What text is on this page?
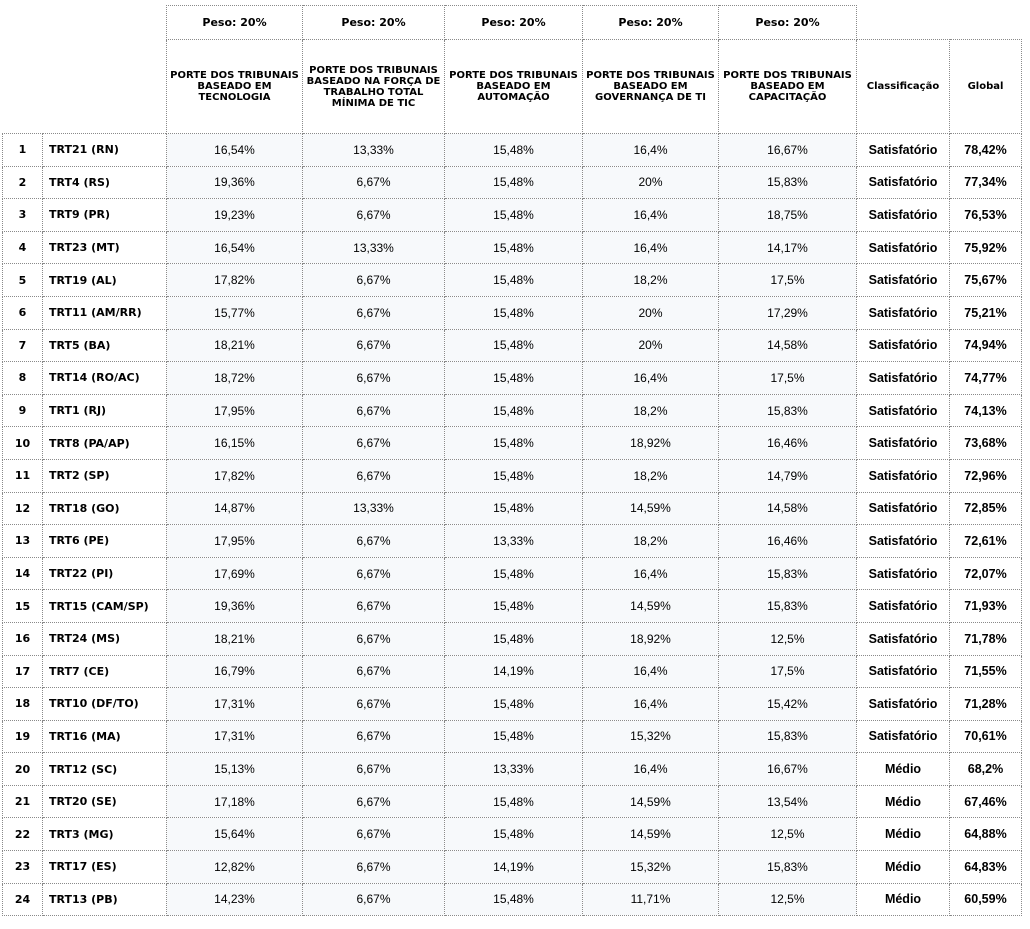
		Peso: 20%	Peso: 20%	Peso: 20%	Peso: 20%	Peso: 20%		
		PORTE DOS TRIBUNAIS BASEADO EM TECNOLOGIA	PORTE DOS TRIBUNAIS BASEADO NA FORÇA DE TRABALHO TOTAL MÍNIMA DE TIC	PORTE DOS TRIBUNAIS BASEADO EM AUTOMAÇÃO	PORTE DOS TRIBUNAIS BASEADO EM GOVERNANÇA DE TI	PORTE DOS TRIBUNAIS BASEADO EM CAPACITAÇÃO	Classificação	Global
1	TRT21 (RN)	16,54%	13,33%	15,48%	16,4%	16,67%	Satisfatório	78,42%
2	TRT4 (RS)	19,36%	6,67%	15,48%	20%	15,83%	Satisfatório	77,34%
3	TRT9 (PR)	19,23%	6,67%	15,48%	16,4%	18,75%	Satisfatório	76,53%
4	TRT23 (MT)	16,54%	13,33%	15,48%	16,4%	14,17%	Satisfatório	75,92%
5	TRT19 (AL)	17,82%	6,67%	15,48%	18,2%	17,5%	Satisfatório	75,67%
6	TRT11 (AM/RR)	15,77%	6,67%	15,48%	20%	17,29%	Satisfatório	75,21%
7	TRT5 (BA)	18,21%	6,67%	15,48%	20%	14,58%	Satisfatório	74,94%
8	TRT14 (RO/AC)	18,72%	6,67%	15,48%	16,4%	17,5%	Satisfatório	74,77%
9	TRT1 (RJ)	17,95%	6,67%	15,48%	18,2%	15,83%	Satisfatório	74,13%
10	TRT8 (PA/AP)	16,15%	6,67%	15,48%	18,92%	16,46%	Satisfatório	73,68%
11	TRT2 (SP)	17,82%	6,67%	15,48%	18,2%	14,79%	Satisfatório	72,96%
12	TRT18 (GO)	14,87%	13,33%	15,48%	14,59%	14,58%	Satisfatório	72,85%
13	TRT6 (PE)	17,95%	6,67%	13,33%	18,2%	16,46%	Satisfatório	72,61%
14	TRT22 (PI)	17,69%	6,67%	15,48%	16,4%	15,83%	Satisfatório	72,07%
15	TRT15 (CAM/SP)	19,36%	6,67%	15,48%	14,59%	15,83%	Satisfatório	71,93%
16	TRT24 (MS)	18,21%	6,67%	15,48%	18,92%	12,5%	Satisfatório	71,78%
17	TRT7 (CE)	16,79%	6,67%	14,19%	16,4%	17,5%	Satisfatório	71,55%
18	TRT10 (DF/TO)	17,31%	6,67%	15,48%	16,4%	15,42%	Satisfatório	71,28%
19	TRT16 (MA)	17,31%	6,67%	15,48%	15,32%	15,83%	Satisfatório	70,61%
20	TRT12 (SC)	15,13%	6,67%	13,33%	16,4%	16,67%	Médio	68,2%
21	TRT20 (SE)	17,18%	6,67%	15,48%	14,59%	13,54%	Médio	67,46%
22	TRT3 (MG)	15,64%	6,67%	15,48%	14,59%	12,5%	Médio	64,88%
23	TRT17 (ES)	12,82%	6,67%	14,19%	15,32%	15,83%	Médio	64,83%
24	TRT13 (PB)	14,23%	6,67%	15,48%	11,71%	12,5%	Médio	60,59%
